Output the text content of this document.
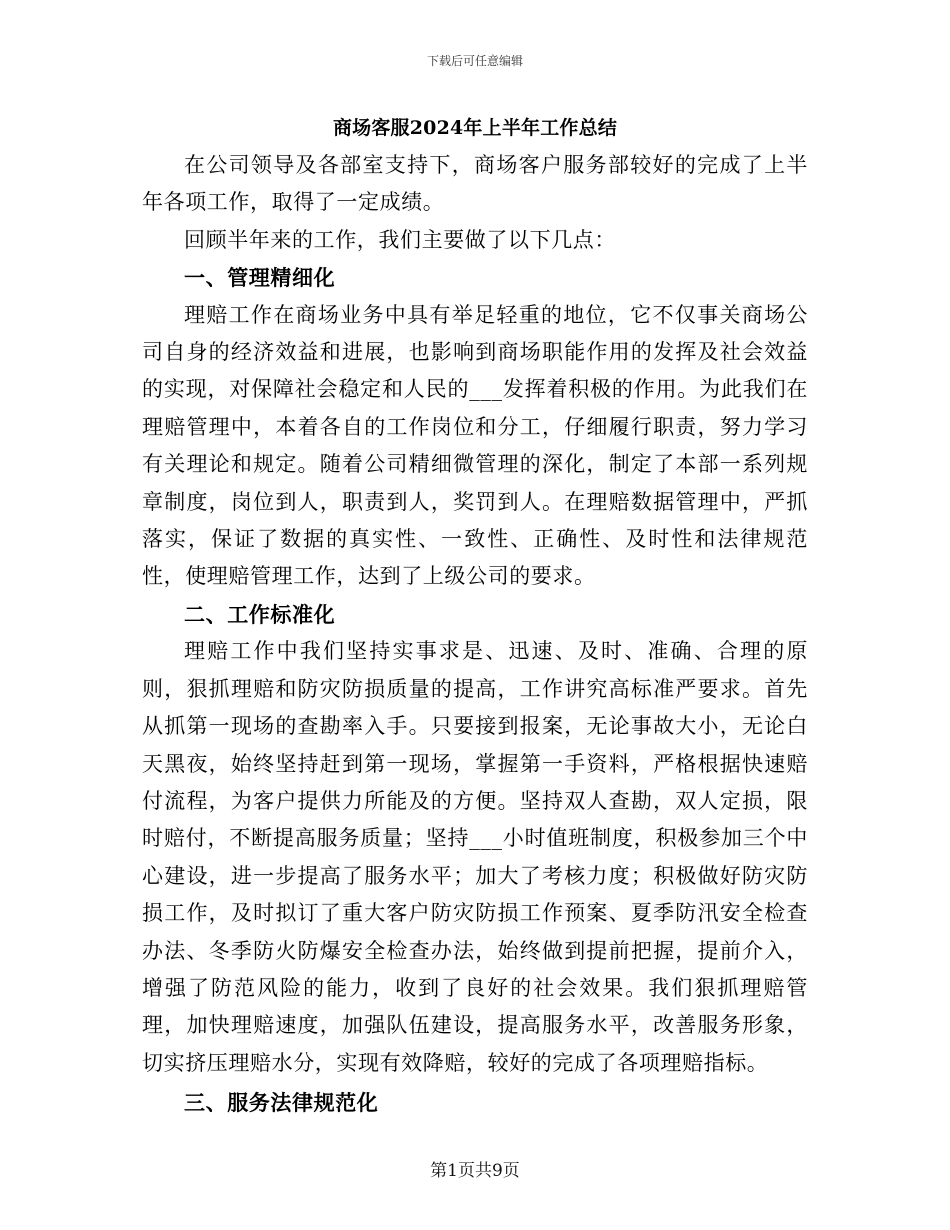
下载后可任意编辑
商场客服2024年上半年工作总结

在公司领导及各部室支持下，商场客户服务部较好的完成了上半年各项工作，取得了一定成绩。

回顾半年来的工作，我们主要做了以下几点：

一、管理精细化

理赔工作在商场业务中具有举足轻重的地位，它不仅事关商场公司自身的经济效益和进展，也影响到商场职能作用的发挥及社会效益的实现，对保障社会稳定和人民的___发挥着积极的作用。为此我们在理赔管理中，本着各自的工作岗位和分工，仔细履行职责，努力学习有关理论和规定。随着公司精细微管理的深化，制定了本部一系列规章制度，岗位到人，职责到人，奖罚到人。在理赔数据管理中，严抓落实，保证了数据的真实性、一致性、正确性、及时性和法律规范性，使理赔管理工作，达到了上级公司的要求。

二、工作标准化

理赔工作中我们坚持实事求是、迅速、及时、准确、合理的原则，狠抓理赔和防灾防损质量的提高，工作讲究高标准严要求。首先从抓第一现场的查勘率入手。只要接到报案，无论事故大小，无论白天黑夜，始终坚持赶到第一现场，掌握第一手资料，严格根据快速赔付流程，为客户提供力所能及的方便。坚持双人查勘，双人定损，限时赔付，不断提高服务质量；坚持___小时值班制度，积极参加三个中心建设，进一步提高了服务水平；加大了考核力度；积极做好防灾防损工作，及时拟订了重大客户防灾防损工作预案、夏季防汛安全检查办法、冬季防火防爆安全检查办法，始终做到提前把握，提前介入，增强了防范风险的能力，收到了良好的社会效果。我们狠抓理赔管理，加快理赔速度，加强队伍建设，提高服务水平，改善服务形象，切实挤压理赔水分，实现有效降赔，较好的完成了各项理赔指标。

三、服务法律规范化

第1页共9页
